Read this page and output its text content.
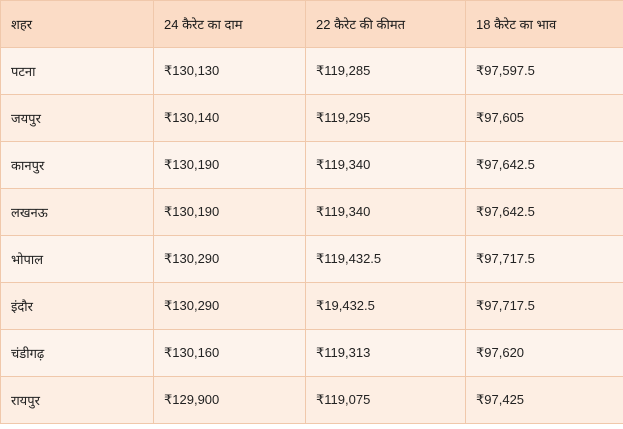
शहर	24 कैरेट का दाम	22 कैरेट की कीमत	18 कैरेट का भाव
पटना	₹130,130	₹119,285	₹97,597.5
जयपुर	₹130,140	₹119,295	₹97,605
कानपुर	₹130,190	₹119,340	₹97,642.5
लखनऊ	₹130,190	₹119,340	₹97,642.5
भोपाल	₹130,290	₹119,432.5	₹97,717.5
इंदौर	₹130,290	₹19,432.5	₹97,717.5
चंडीगढ़	₹130,160	₹119,313	₹97,620
रायपुर	₹129,900	₹119,075	₹97,425
